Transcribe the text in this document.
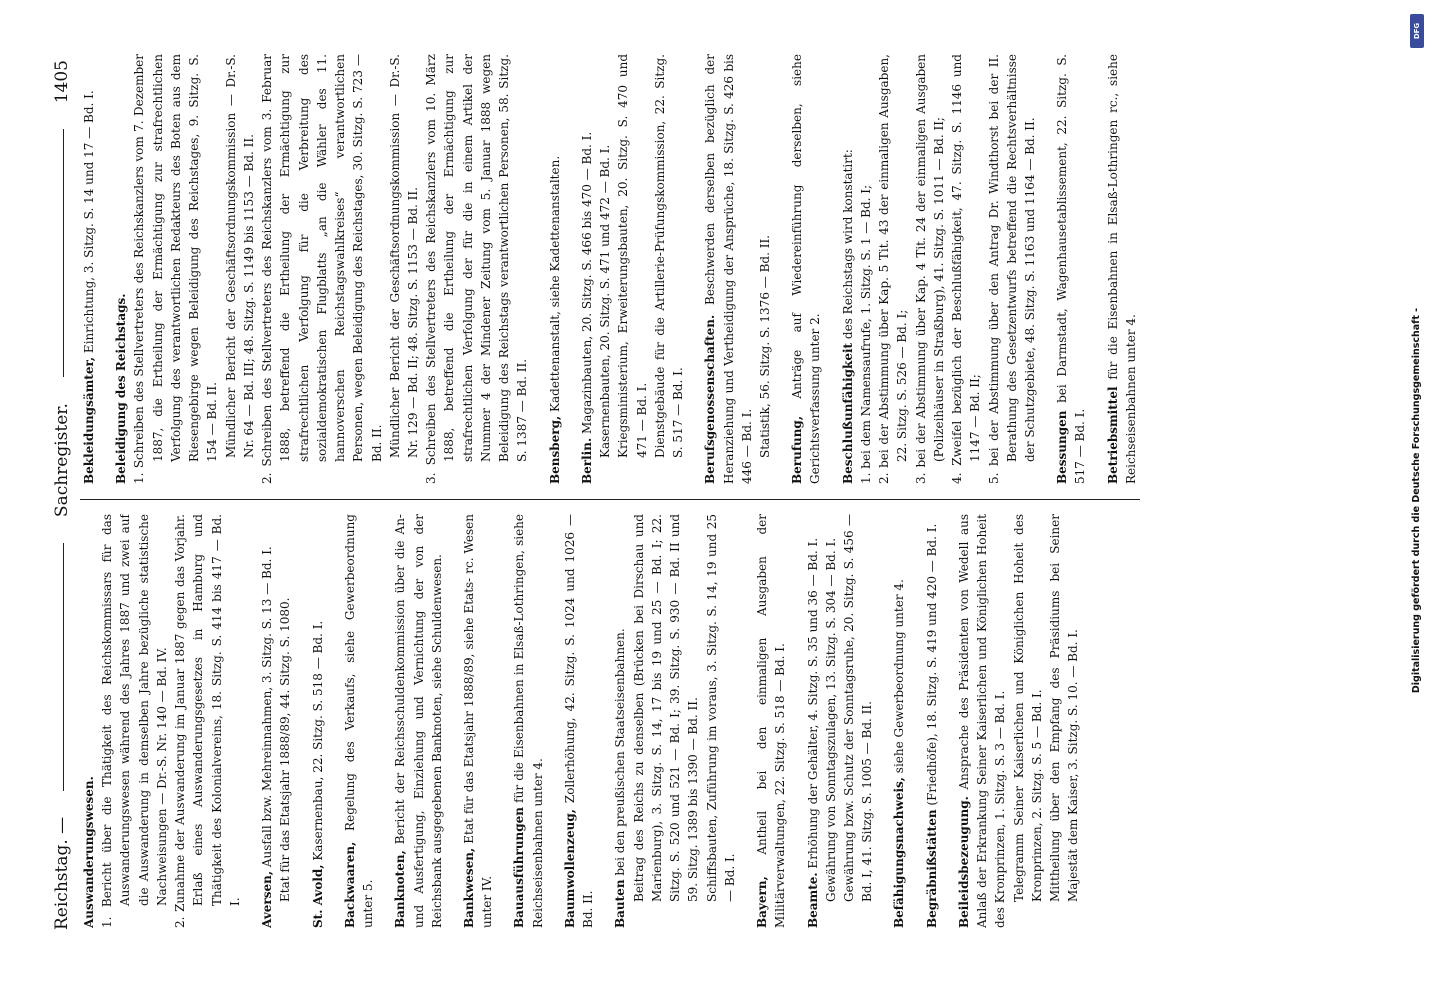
Reichstag. —
Sachregister.
1405
Auswanderungswesen. 1. Bericht über die Thätigkeit des Reichskommissars für das Auswanderungswesen während des Jahres 1887 und zwei auf die Auswanderung in demselben Jahre bezügliche statistische Nachweisungen — Dr.-S. Nr. 140 — Bd. IV. 2. Zunahme der Auswanderung im Januar 1887 gegen das Vorjahr. Erlaß eines Auswanderungsgesetzes in Hamburg und Thätigkeit des Kolonialvereins, 18. Sitzg. S. 414 bis 417 — Bd. I. Aversen, Ausfall bzw. Mehreinnahmen, 3. Sitzg. S. 13 — Bd. I. Etat für das Etatsjahr 1888/89, 44. Sitzg. S. 1080. St. Avold, Kasernenbau, 22. Sitzg. S. 518 — Bd. I.
Backwaaren, Regelung des Verkaufs, siehe Gewerbeordnung unter 5. Banknoten, Bericht der Reichsschuldenkommission über die An- und Ausfertigung, Einziehung und Vernichtung der von der Reichsbank ausgegebenen Banknoten, siehe Schuldenwesen. Bankwesen, Etat für das Etatsjahr 1888/89, siehe Etats- rc. Wesen unter IV. Bauausführungen für die Eisenbahnen in Elsaß-Lothringen, siehe Reichseisenbahnen unter 4. Baumwollenzeug, Zollerhöhung, 42. Sitzg. S. 1024 und 1026 — Bd. II. Bauten bei den preußischen Staatseisenbahnen. Beitrag des Reichs zu denselben (Brücken bei Dirschau und Marienburg), 3. Sitzg. S. 14, 17 bis 19 und 25 — Bd. I; 22. Sitzg. S. 520 und 521 — Bd. I; 39. Sitzg. S. 930 — Bd. II und 59. Sitzg. 1389 bis 1390 — Bd. II. Schiffsbauten, Zuführung im voraus, 3. Sitzg. S. 14, 19 und 25 — Bd. I. Bayern, Antheil bei den einmaligen Ausgaben der Militärverwaltungen, 22. Sitzg. S. 518 — Bd. I. Beamte. Erhöhung der Gehälter, 4. Sitzg. S. 35 und 36 — Bd. I. Gewährung von Sonntagszulagen, 13. Sitzg. S. 304 — Bd. I. Gewährung bzw. Schutz der Sonntagsruhe, 20. Sitzg. S. 456 — Bd. I, 41. Sitzg. S. 1005 — Bd. II. Befähigungsnachweis, siehe Gewerbeordnung unter 4.
Begräbnißstätten (Friedhöfe), 18. Sitzg. S. 419 und 420 — Bd. I.
Beileidsbezeugung. Ansprache des Präsidenten von Wedell aus Anlaß der Erkrankung Seiner Kaiserlichen und Königlichen Hoheit des Kronprinzen, 1. Sitzg. S. 3 — Bd. I. Telegramm Seiner Kaiserlichen und Königlichen Hoheit des Kronprinzen, 2. Sitzg. S. 5 — Bd. I. Mittheilung über den Empfang des Präsidiums bei Seiner Majestät dem Kaiser, 3. Sitzg. S. 10. — Bd. I.

Bekleidungsämter, Einrichtung, 3. Sitzg. S. 14 und 17 — Bd. I.
Beleidigung des Reichstags. 1. Schreiben des Stellvertreters des Reichskanzlers vom 7. Dezember 1887, die Ertheilung der Ermächtigung zur strafrechtlichen Verfolgung des verantwortlichen Redakteurs des Boten aus dem Riesengebirge wegen Beleidigung des Reichstages, 9. Sitzg. S. 154 — Bd. II. Mündlicher Bericht der Geschäftsordnungskommission — Dr.-S. Nr. 64 — Bd. III; 48. Sitzg. S. 1149 bis 1153 — Bd. II. 2. Schreiben des Stellvertreters des Reichskanzlers vom 3. Februar 1888, betreffend die Ertheilung der Ermächtigung zur strafrechtlichen Verfolgung für die Verbreitung des sozialdemokratischen Flugblatts „an die Wähler des 11. hannoverschen Reichstagswahlkreises“ verantwortlichen Personen, wegen Beleidigung des Reichstages, 30. Sitzg. S. 723 — Bd. II. Mündlicher Bericht der Geschäftsordnungskommission — Dr.-S. Nr. 129 — Bd. II; 48. Sitzg. S. 1153 — Bd. II. 3. Schreiben des Stellvertreters des Reichskanzlers vom 10. März 1888, betreffend die Ertheilung der Ermächtigung zur strafrechtlichen Verfolgung der für die in einem Artikel der Nummer 4 der Mindener Zeitung vom 5. Januar 1888 wegen Beleidigung des Reichstags verantwortlichen Personen, 58. Sitzg. S. 1387 — Bd. II. Bensberg, Kadettenanstalt, siehe Kadettenanstalten.
Berlin. Magazinbauten, 20. Sitzg. S. 466 bis 470 — Bd. I. Kasernenbauten, 20. Sitzg. S. 471 und 472 — Bd. I. Kriegsministerium, Erweiterungsbauten, 20. Sitzg. S. 470 und 471 — Bd. I. Dienstgebäude für die Artillerie-Prüfungskommission, 22. Sitzg. S. 517 — Bd. I. Berufsgenossenschaften. Beschwerden derselben bezüglich der Heranziehung und Vertheidigung der Ansprüche, 18. Sitzg. S. 426 bis 446 — Bd. I. Statistik, 56. Sitzg. S. 1376 — Bd. II. Berufung, Anträge auf Wiedereinführung derselben, siehe Gerichtsverfassung unter 2. Beschlußunfähigkeit des Reichstags wird konstatirt: 1. bei dem Namensaufrufe, 1. Sitzg. S. 1 — Bd. I; 2. bei der Abstimmung über Kap. 5 Tit. 43 der einmaligen Ausgaben, 22. Sitzg. S. 526 — Bd. I; 3. bei der Abstimmung über Kap. 4 Tit. 24 der einmaligen Ausgaben (Polizeihäuser in Straßburg), 41. Sitzg. S. 1011 — Bd. II; 4. Zweifel bezüglich der Beschlußfähigkeit, 47. Sitzg. S. 1146 und 1147 — Bd. II; 5. bei der Abstimmung über den Antrag Dr. Windthorst bei der II. Berathung des Gesetzentwurfs betreffend die Rechtsverhältnisse der Schutzgebiete, 48. Sitzg. S. 1163 und 1164 — Bd. II. Bessungen bei Darmstadt, Wagenhausetablissement, 22. Sitzg. S. 517 — Bd. I. Betriebsmittel für die Eisenbahnen in Elsaß-Lothringen rc., siehe Reichseisenbahnen unter 4.	Digitalisierung gefördert durch die Deutsche Forschungsgemeinschaft -
DFG
